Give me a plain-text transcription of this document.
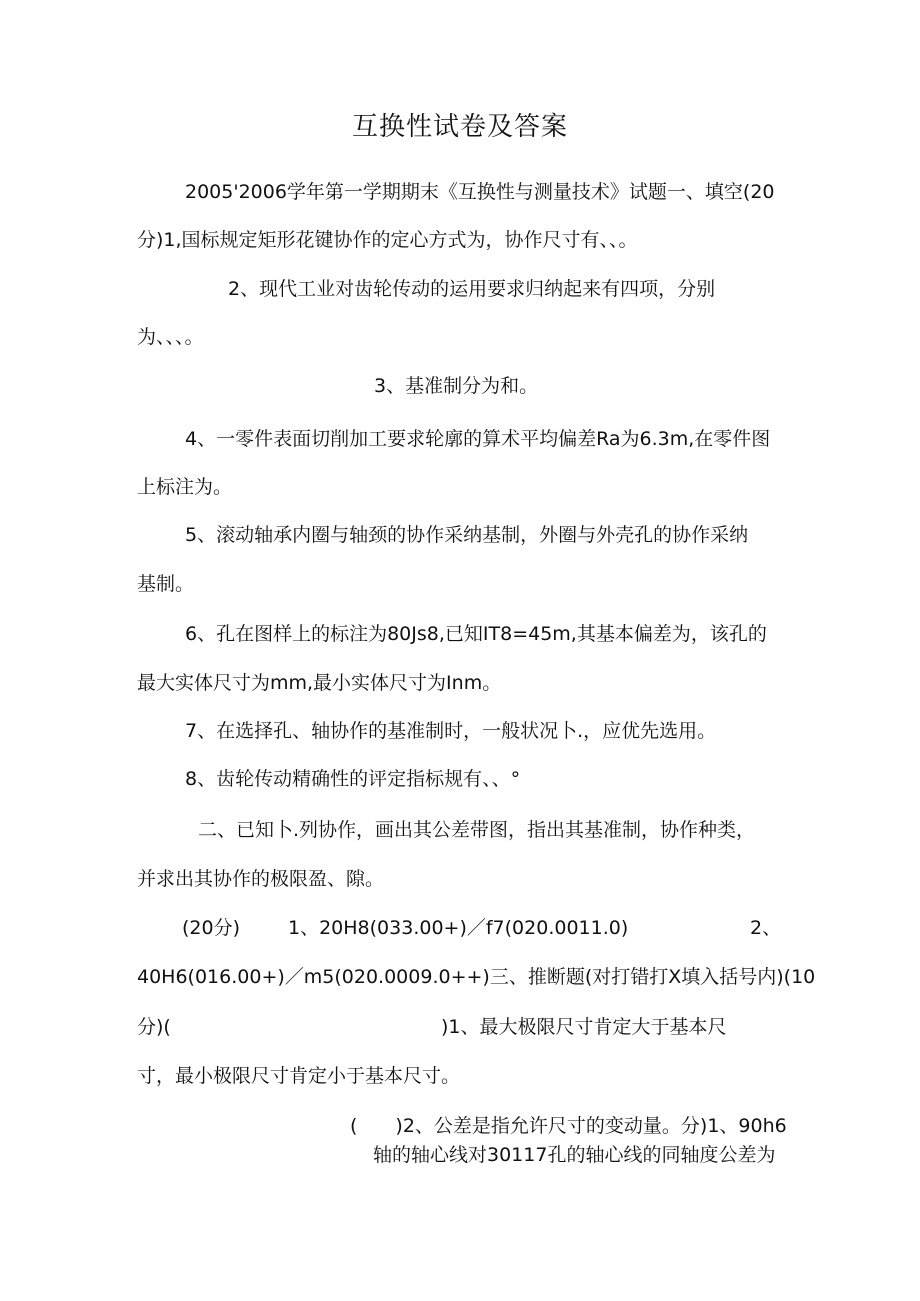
互换性试卷及答案
2005'2006学年第一学期期末《互换性与测量技术》试题一、填空(20
分)1,国标规定矩形花键协作的定心方式为，协作尺寸有、、。
2、现代工业对齿轮传动的运用要求归纳起来有四项，分别
为、、、。
3、基准制分为和。
4、一零件表面切削加工要求轮廓的算术平均偏差Ra为6.3m,在零件图
上标注为。
5、滚动轴承内圈与轴颈的协作采纳基制，外圈与外壳孔的协作采纳
基制。
6、孔在图样上的标注为80Js8,已知IT8=45m,其基本偏差为，该孔的
最大实体尺寸为mm,最小实体尺寸为Inm。
7、在选择孔、轴协作的基准制时，一般状况卜.，应优先选用。
8、齿轮传动精确性的评定指标规有、、°
二、已知卜.列协作，画出其公差带图，指出其基准制，协作种类，
并求出其协作的极限盈、隙。
(20分)	1、20H8(033.00+)／f7(020.0011.0)	2、
40H6(016.00+)／m5(020.0009.0++)三、推断题(对打错打X填入括号内)(10
分)(	)1、最大极限尺寸肯定大于基本尺
寸，最小极限尺寸肯定小于基本尺寸。
(　　)2、公差是指允许尺寸的变动量。分)1、90h6
轴的轴心线对30117孔的轴心线的同轴度公差为
